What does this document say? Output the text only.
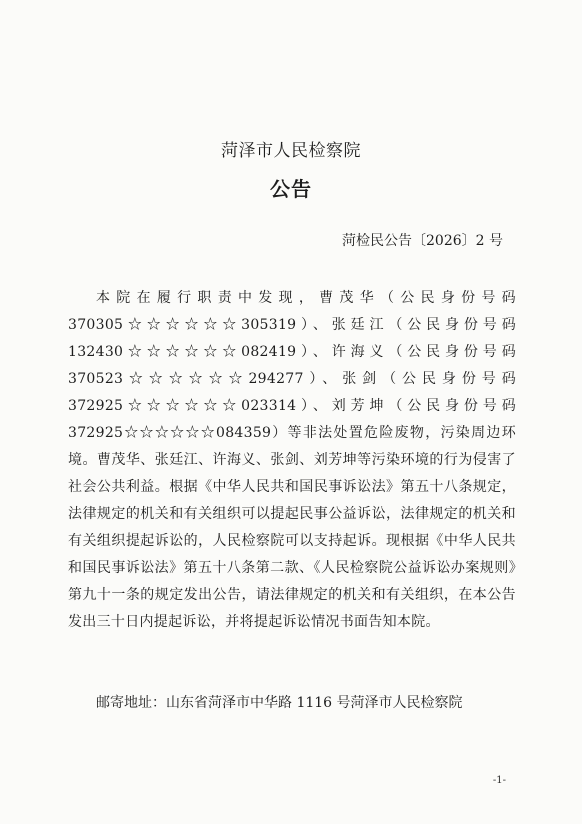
菏泽市人民检察院
公告
菏检民公告〔2026〕2 号
本院在履行职责中发现，曹茂华（公民身份号码 370305☆☆☆☆☆☆305319）、张廷江（公民身份号码 132430☆☆☆☆☆☆082419）、许海义（公民身份号码 370523☆☆☆☆☆☆294277）、张剑（公民身份号码 372925☆☆☆☆☆☆023314）、刘芳坤（公民身份号码 372925☆☆☆☆☆☆084359）等非法处置危险废物，污染周边环境。曹茂华、张廷江、许海义、张剑、刘芳坤等污染环境的行为侵害了社会公共利益。根据《中华人民共和国民事诉讼法》第五十八条规定，法律规定的机关和有关组织可以提起民事公益诉讼，法律规定的机关和有关组织提起诉讼的，人民检察院可以支持起诉。现根据《中华人民共和国民事诉讼法》第五十八条第二款、《人民检察院公益诉讼办案规则》第九十一条的规定发出公告，请法律规定的机关和有关组织，在本公告发出三十日内提起诉讼，并将提起诉讼情况书面告知本院。
邮寄地址：山东省菏泽市中华路 1116 号菏泽市人民检察院
-1-
